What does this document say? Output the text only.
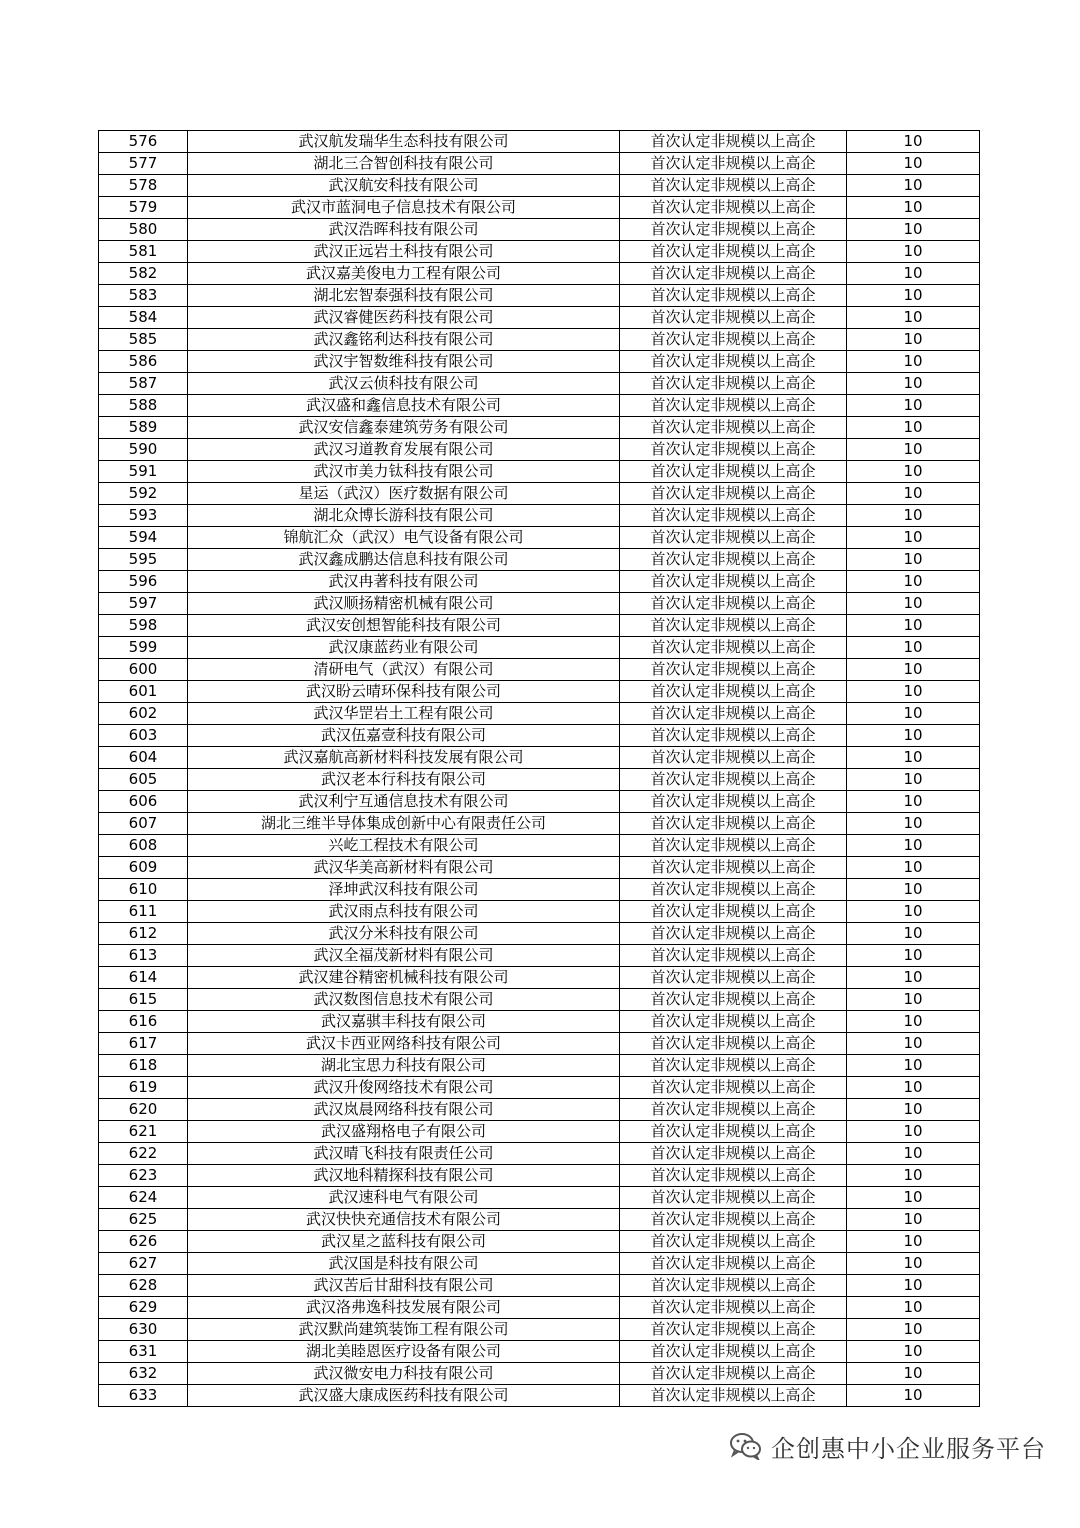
576	武汉航发瑞华生态科技有限公司	首次认定非规模以上高企	10
577	湖北三合智创科技有限公司	首次认定非规模以上高企	10
578	武汉航安科技有限公司	首次认定非规模以上高企	10
579	武汉市蓝洞电子信息技术有限公司	首次认定非规模以上高企	10
580	武汉浩晖科技有限公司	首次认定非规模以上高企	10
581	武汉正远岩土科技有限公司	首次认定非规模以上高企	10
582	武汉嘉美俊电力工程有限公司	首次认定非规模以上高企	10
583	湖北宏智泰强科技有限公司	首次认定非规模以上高企	10
584	武汉睿健医药科技有限公司	首次认定非规模以上高企	10
585	武汉鑫铭利达科技有限公司	首次认定非规模以上高企	10
586	武汉宇智数维科技有限公司	首次认定非规模以上高企	10
587	武汉云侦科技有限公司	首次认定非规模以上高企	10
588	武汉盛和鑫信息技术有限公司	首次认定非规模以上高企	10
589	武汉安信鑫泰建筑劳务有限公司	首次认定非规模以上高企	10
590	武汉习道教育发展有限公司	首次认定非规模以上高企	10
591	武汉市美力钛科技有限公司	首次认定非规模以上高企	10
592	星运（武汉）医疗数据有限公司	首次认定非规模以上高企	10
593	湖北众博长游科技有限公司	首次认定非规模以上高企	10
594	锦航汇众（武汉）电气设备有限公司	首次认定非规模以上高企	10
595	武汉鑫成鹏达信息科技有限公司	首次认定非规模以上高企	10
596	武汉冉著科技有限公司	首次认定非规模以上高企	10
597	武汉顺扬精密机械有限公司	首次认定非规模以上高企	10
598	武汉安创想智能科技有限公司	首次认定非规模以上高企	10
599	武汉康蓝药业有限公司	首次认定非规模以上高企	10
600	清研电气（武汉）有限公司	首次认定非规模以上高企	10
601	武汉盼云晴环保科技有限公司	首次认定非规模以上高企	10
602	武汉华罡岩土工程有限公司	首次认定非规模以上高企	10
603	武汉伍嘉壹科技有限公司	首次认定非规模以上高企	10
604	武汉嘉航高新材料科技发展有限公司	首次认定非规模以上高企	10
605	武汉老本行科技有限公司	首次认定非规模以上高企	10
606	武汉利宁互通信息技术有限公司	首次认定非规模以上高企	10
607	湖北三维半导体集成创新中心有限责任公司	首次认定非规模以上高企	10
608	兴屹工程技术有限公司	首次认定非规模以上高企	10
609	武汉华美高新材料有限公司	首次认定非规模以上高企	10
610	泽坤武汉科技有限公司	首次认定非规模以上高企	10
611	武汉雨点科技有限公司	首次认定非规模以上高企	10
612	武汉分米科技有限公司	首次认定非规模以上高企	10
613	武汉全福茂新材料有限公司	首次认定非规模以上高企	10
614	武汉建谷精密机械科技有限公司	首次认定非规模以上高企	10
615	武汉数图信息技术有限公司	首次认定非规模以上高企	10
616	武汉嘉骐丰科技有限公司	首次认定非规模以上高企	10
617	武汉卡西亚网络科技有限公司	首次认定非规模以上高企	10
618	湖北宝思力科技有限公司	首次认定非规模以上高企	10
619	武汉升俊网络技术有限公司	首次认定非规模以上高企	10
620	武汉岚晨网络科技有限公司	首次认定非规模以上高企	10
621	武汉盛翔格电子有限公司	首次认定非规模以上高企	10
622	武汉晴飞科技有限责任公司	首次认定非规模以上高企	10
623	武汉地科精探科技有限公司	首次认定非规模以上高企	10
624	武汉速科电气有限公司	首次认定非规模以上高企	10
625	武汉快快充通信技术有限公司	首次认定非规模以上高企	10
626	武汉星之蓝科技有限公司	首次认定非规模以上高企	10
627	武汉国是科技有限公司	首次认定非规模以上高企	10
628	武汉苦后甘甜科技有限公司	首次认定非规模以上高企	10
629	武汉洛弗逸科技发展有限公司	首次认定非规模以上高企	10
630	武汉默尚建筑装饰工程有限公司	首次认定非规模以上高企	10
631	湖北美睦恩医疗设备有限公司	首次认定非规模以上高企	10
632	武汉微安电力科技有限公司	首次认定非规模以上高企	10
633	武汉盛大康成医药科技有限公司	首次认定非规模以上高企	10
企创惠中小企业服务平台
